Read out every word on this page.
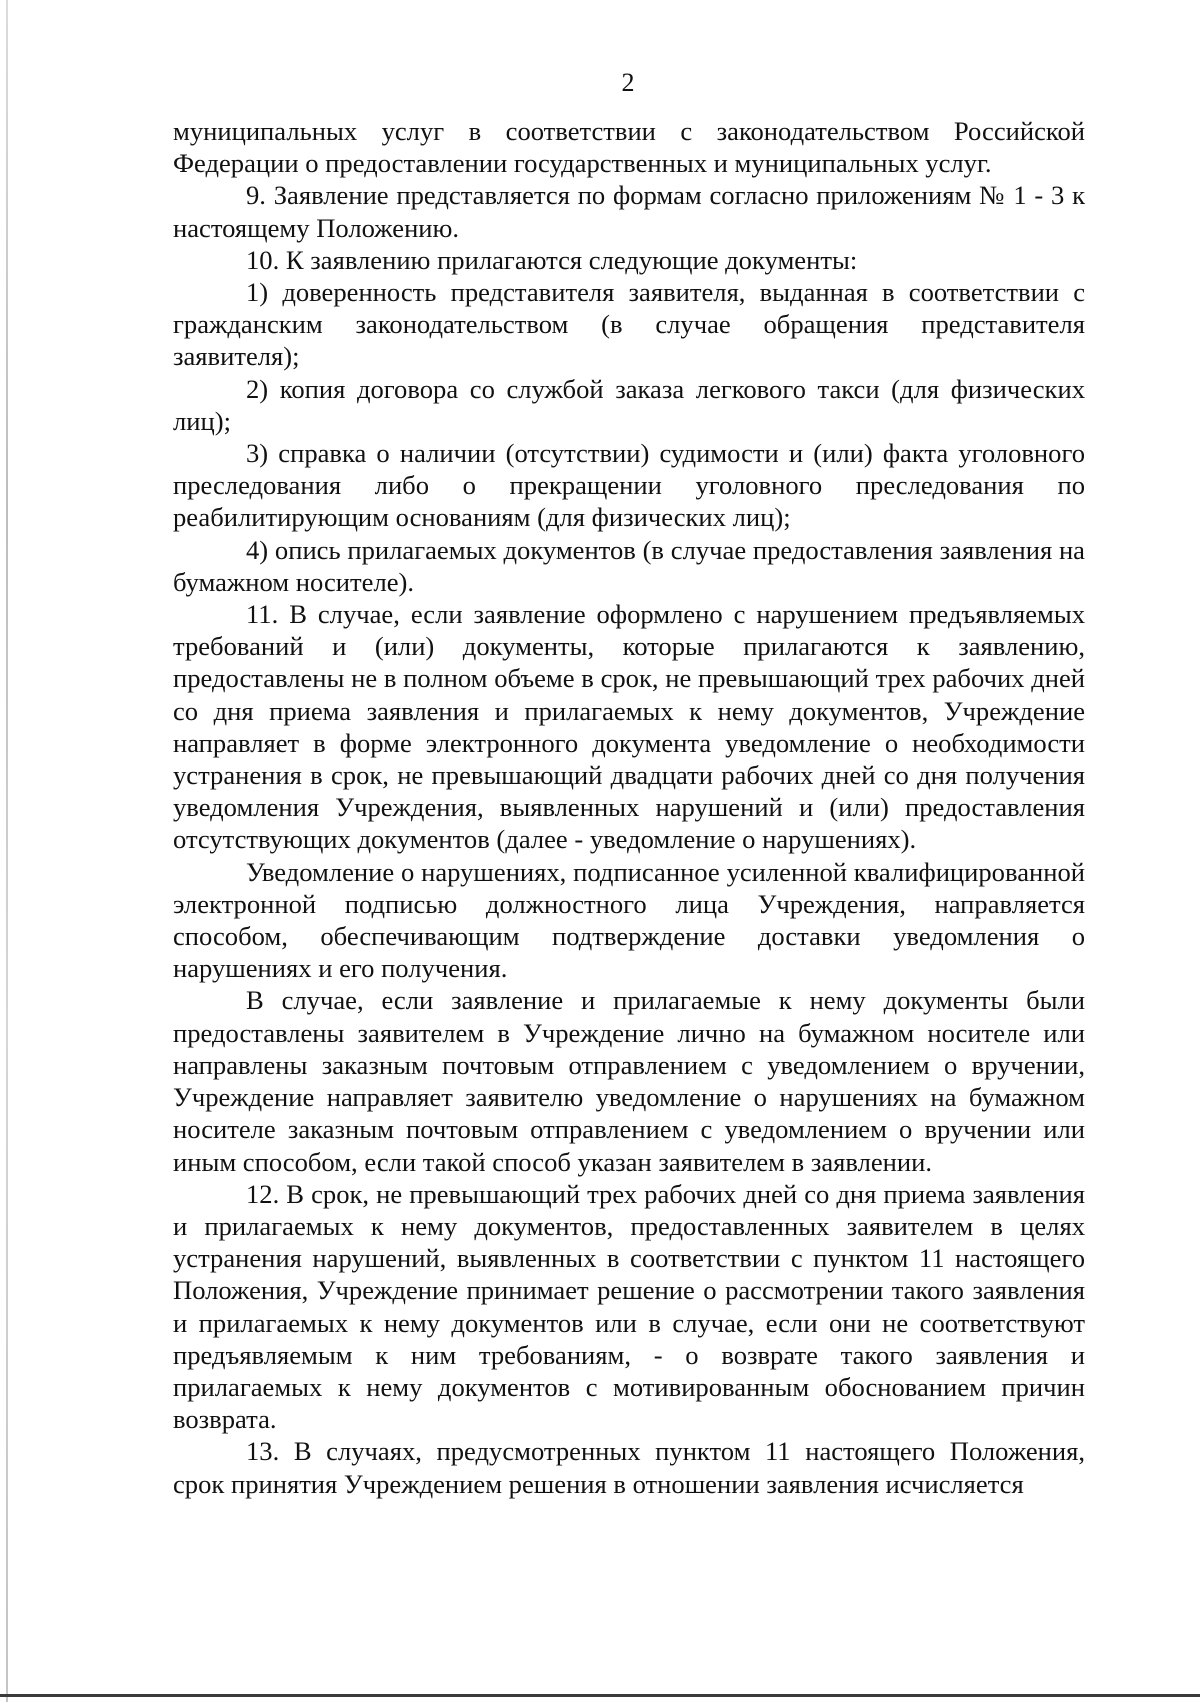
2

муниципальных услуг в соответствии с законодательством Российской Федерации о предоставлении государственных и муниципальных услуг.

9. Заявление представляется по формам согласно приложениям № 1 - 3 к настоящему Положению.

10. К заявлению прилагаются следующие документы:

1) доверенность представителя заявителя, выданная в соответствии с гражданским законодательством (в случае обращения представителя заявителя);

2) копия договора со службой заказа легкового такси (для физических лиц);

3) справка о наличии (отсутствии) судимости и (или) факта уголовного преследования либо о прекращении уголовного преследования по реабилитирующим основаниям (для физических лиц);

4) опись прилагаемых документов (в случае предоставления заявления на бумажном носителе).

11. В случае, если заявление оформлено с нарушением предъявляемых требований и (или) документы, которые прилагаются к заявлению, предоставлены не в полном объеме в срок, не превышающий трех рабочих дней со дня приема заявления и прилагаемых к нему документов, Учреждение направляет в форме электронного документа уведомление о необходимости устранения в срок, не превышающий двадцати рабочих дней со дня получения уведомления Учреждения, выявленных нарушений и (или) предоставления отсутствующих документов (далее - уведомление о нарушениях).

Уведомление о нарушениях, подписанное усиленной квалифицированной электронной подписью должностного лица Учреждения, направляется способом, обеспечивающим подтверждение доставки уведомления о нарушениях и его получения.

В случае, если заявление и прилагаемые к нему документы были предоставлены заявителем в Учреждение лично на бумажном носителе или направлены заказным почтовым отправлением с уведомлением о вручении, Учреждение направляет заявителю уведомление о нарушениях на бумажном носителе заказным почтовым отправлением с уведомлением о вручении или иным способом, если такой способ указан заявителем в заявлении.

12. В срок, не превышающий трех рабочих дней со дня приема заявления и прилагаемых к нему документов, предоставленных заявителем в целях устранения нарушений, выявленных в соответствии с пунктом 11 настоящего Положения, Учреждение принимает решение о рассмотрении такого заявления и прилагаемых к нему документов или в случае, если они не соответствуют предъявляемым к ним требованиям, - о возврате такого заявления и прилагаемых к нему документов с мотивированным обоснованием причин возврата.

13. В случаях, предусмотренных пунктом 11 настоящего Положения, срок принятия Учреждением решения в отношении заявления исчисляется
